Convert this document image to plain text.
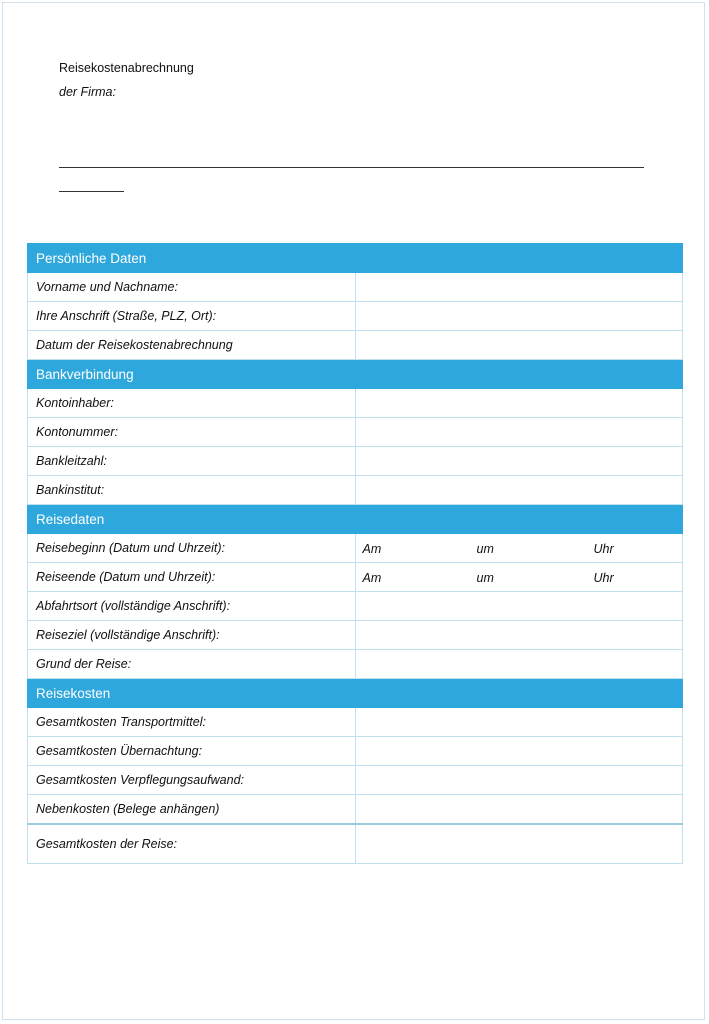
Reisekostenabrechnung
der Firma:
Persönliche Daten	
Vorname und Nachname:	
Ihre Anschrift (Straße, PLZ, Ort):	
Datum der Reisekostenabrechnung	
Bankverbindung	
Kontoinhaber:	
Kontonummer:	
Bankleitzahl:	
Bankinstitut:	
Reisedaten	
Reisebeginn (Datum und Uhrzeit):	Am um Uhr

Reiseende (Datum und Uhrzeit):	Am um Uhr

Abfahrtsort (vollständige Anschrift):	
Reiseziel (vollständige Anschrift):	
Grund der Reise:	
Reisekosten	
Gesamtkosten Transportmittel:	
Gesamtkosten Übernachtung:	
Gesamtkosten Verpflegungsaufwand:	
Nebenkosten (Belege anhängen)	
Gesamtkosten der Reise:	
